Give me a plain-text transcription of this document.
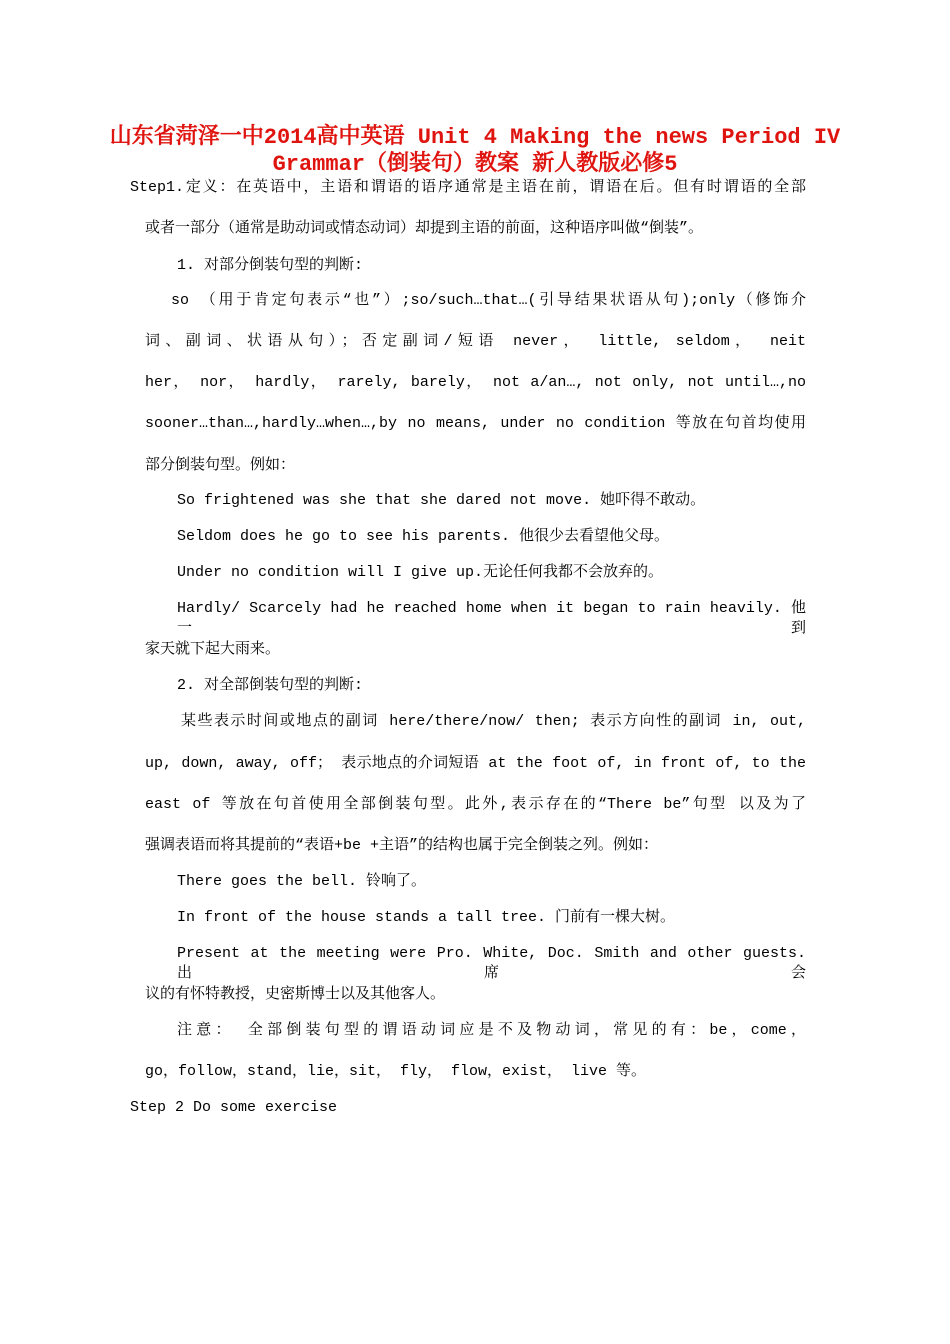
山东省菏泽一中2014高中英语 Unit 4 Making the news Period IV
Grammar（倒装句）教案 新人教版必修5
Step1.定义：在英语中，主语和谓语的语序通常是主语在前，谓语在后。但有时谓语的全部
或者一部分（通常是助动词或情态动词）却提到主语的前面，这种语序叫做“倒装”。
1. 对部分倒装句型的判断:
so （用于肯定句表示“也”）;so/such…that…(引导结果状语从句);only（修饰介
词、副词、状语从句）；否定副词/短语 never， little, seldom， neit
her， nor， hardly， rarely, barely， not a/an…, not only, not until…,no
sooner…than…,hardly…when…,by no means, under no condition 等放在句首均使用
部分倒装句型。例如：
So frightened was she that she dared not move. 她吓得不敢动。
Seldom does he go to see his parents. 他很少去看望他父母。
Under no condition will I give up.无论任何我都不会放弃的。
Hardly/ Scarcely had he reached home when it began to rain heavily. 他一到
家天就下起大雨来。
2. 对全部倒装句型的判断:
某些表示时间或地点的副词 here/there/now/ then; 表示方向性的副词 in, out,
up, down, away, off； 表示地点的介词短语 at the foot of, in front of, to the
east of 等放在句首使用全部倒装句型。此外,表示存在的“There be”句型 以及为了
强调表语而将其提前的“表语+be +主语”的结构也属于完全倒装之列。例如：
There goes the bell. 铃响了。
In front of the house stands a tall tree. 门前有一棵大树。
Present at the meeting were Pro. White, Doc. Smith and other guests. 出席会
议的有怀特教授，史密斯博士以及其他客人。
注意： 全部倒装句型的谓语动词应是不及物动词，常见的有：be，come，
go，follow，stand，lie，sit， fly， flow，exist， live 等。
Step 2 Do some exercise
